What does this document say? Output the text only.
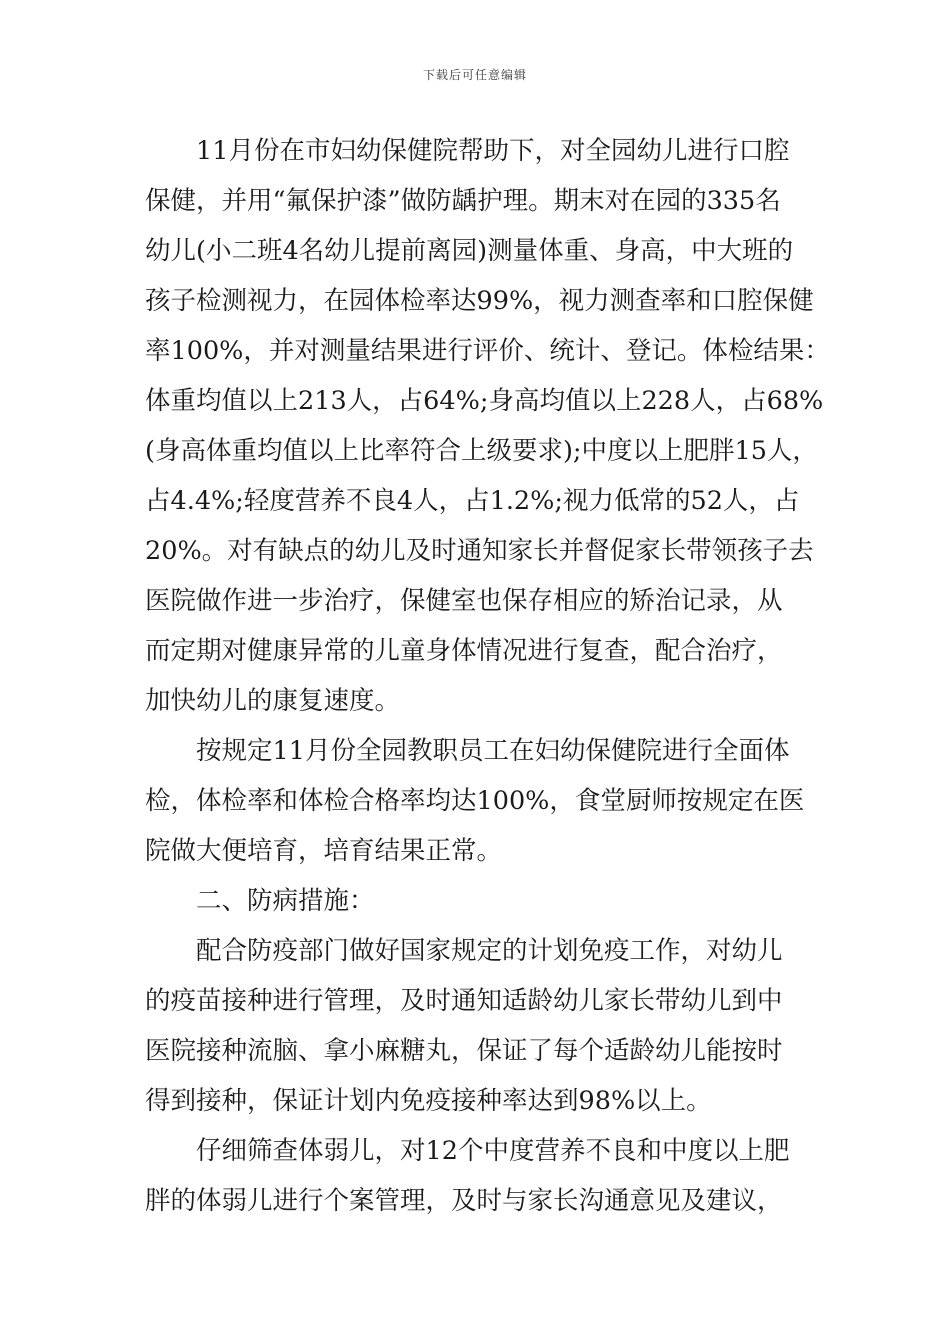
下载后可任意编辑
　　11月份在市妇幼保健院帮助下，对全园幼儿进行口腔
保健，并用“氟保护漆”做防龋护理。期末对在园的335名
幼儿(小二班4名幼儿提前离园)测量体重、身高，中大班的
孩子检测视力，在园体检率达99%，视力测查率和口腔保健
率100%，并对测量结果进行评价、统计、登记。体检结果：
体重均值以上213人，占64%;身高均值以上228人，占68%
(身高体重均值以上比率符合上级要求);中度以上肥胖15人，
占4.4%;轻度营养不良4人，占1.2%;视力低常的52人，占
20%。对有缺点的幼儿及时通知家长并督促家长带领孩子去
医院做作进一步治疗，保健室也保存相应的矫治记录，从
而定期对健康异常的儿童身体情况进行复查，配合治疗，
加快幼儿的康复速度。
　　按规定11月份全园教职员工在妇幼保健院进行全面体
检，体检率和体检合格率均达100%，食堂厨师按规定在医
院做大便培育，培育结果正常。
　　二、防病措施：
　　配合防疫部门做好国家规定的计划免疫工作，对幼儿
的疫苗接种进行管理，及时通知适龄幼儿家长带幼儿到中
医院接种流脑、拿小麻糖丸，保证了每个适龄幼儿能按时
得到接种，保证计划内免疫接种率达到98%以上。
　　仔细筛查体弱儿，对12个中度营养不良和中度以上肥
胖的体弱儿进行个案管理，及时与家长沟通意见及建议，
